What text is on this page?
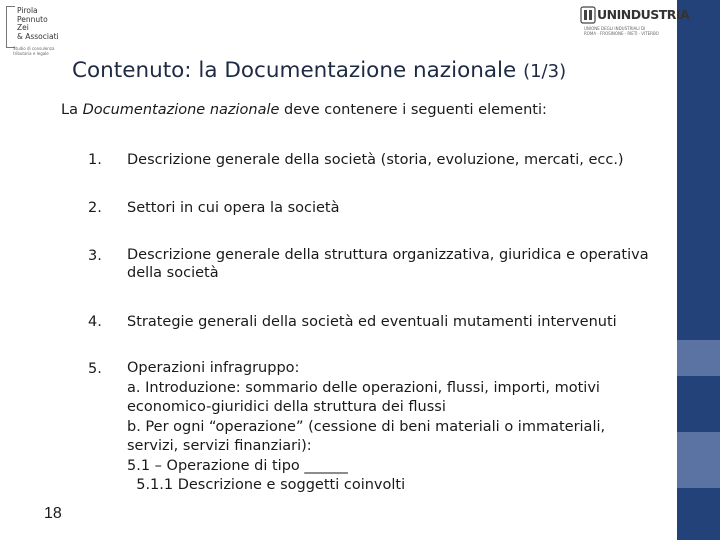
Pirola
Pennuto
Zei
& Associati
Studio di consulenza
tributaria e legale
UNINDUSTRIA
UNIONE DEGLI INDUSTRIALI DI
ROMA · FROSINONE · RIETI · VITERBO
Contenuto: la Documentazione nazionale (1/3)
La Documentazione nazionale deve contenere i seguenti elementi:
1.	Descrizione generale della società (storia, evoluzione, mercati, ecc.)
2.	Settori in cui opera la società
3.	Descrizione generale della struttura organizzativa, giuridica e operativa
della società
4.	Strategie generali della società ed eventuali mutamenti intervenuti
5.	Operazioni infragruppo:
a. Introduzione: sommario delle operazioni, flussi, importi, motivi
economico-giuridici della struttura dei flussi
b. Per ogni “operazione” (cessione di beni materiali o immateriali,
servizi, servizi finanziari):
5.1 – Operazione di tipo ______
5.1.1 Descrizione e soggetti coinvolti
18
